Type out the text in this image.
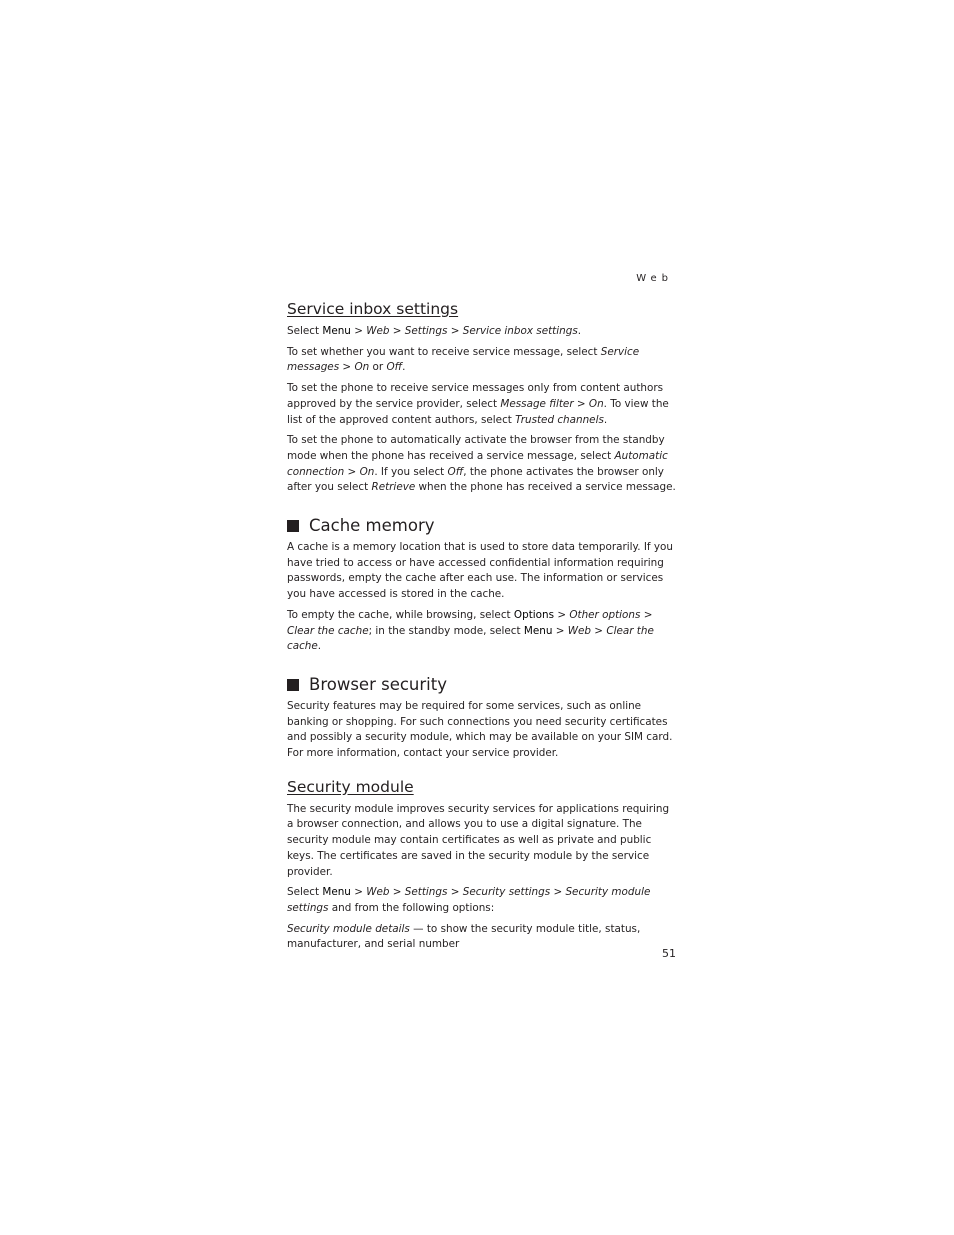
Web
Service inbox settings

Select Menu > Web > Settings > Service inbox settings.

To set whether you want to receive service message, select Service messages > On or Off.

To set the phone to receive service messages only from content authors approved by the service provider, select Message filter > On. To view the list of the approved content authors, select Trusted channels.

To set the phone to automatically activate the browser from the standby mode when the phone has received a service message, select Automatic connection > On. If you select Off, the phone activates the browser only after you select Retrieve when the phone has received a service message.

Cache memory

A cache is a memory location that is used to store data temporarily. If you have tried to access or have accessed confidential information requiring passwords, empty the cache after each use. The information or services you have accessed is stored in the cache.

To empty the cache, while browsing, select Options > Other options > Clear the cache; in the standby mode, select Menu > Web > Clear the cache.

Browser security

Security features may be required for some services, such as online banking or shopping. For such connections you need security certificates and possibly a security module, which may be available on your SIM card. For more information, contact your service provider.

Security module

The security module improves security services for applications requiring a browser connection, and allows you to use a digital signature. The security module may contain certificates as well as private and public keys. The certificates are saved in the security module by the service provider.

Select Menu > Web > Settings > Security settings > Security module settings and from the following options:

Security module details — to show the security module title, status, manufacturer, and serial number

51
